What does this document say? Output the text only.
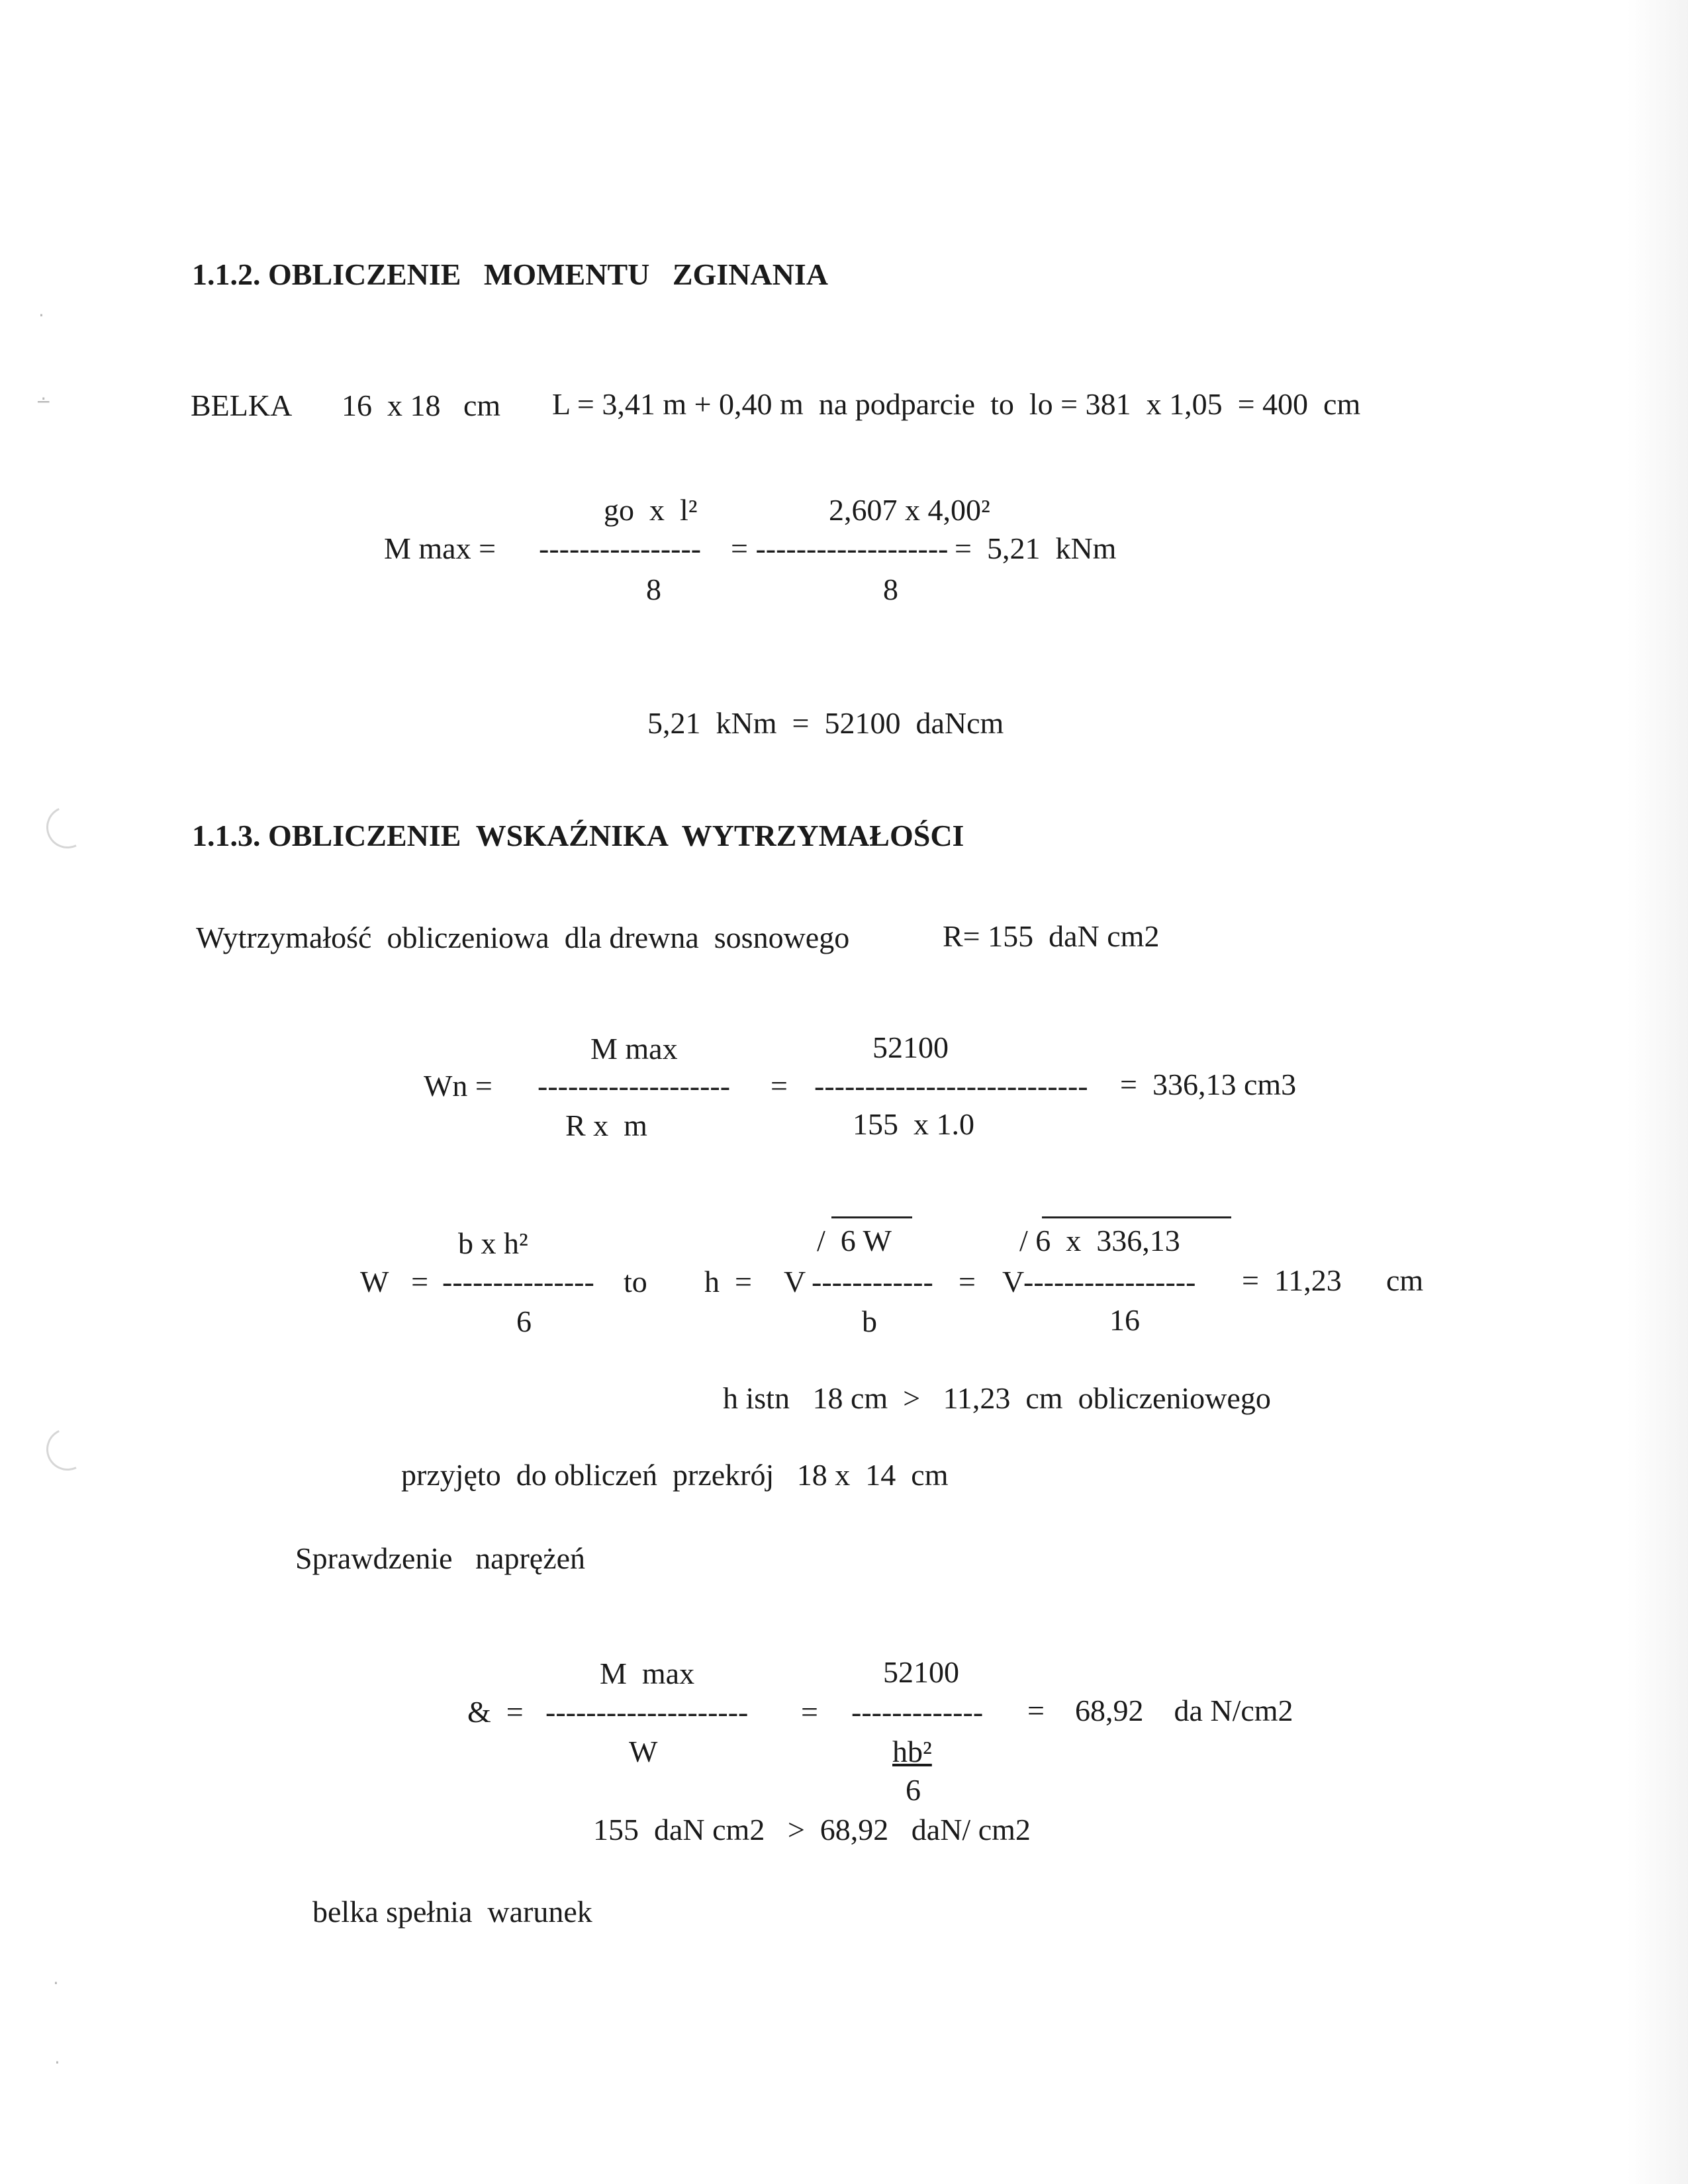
·
∸
·
·
1.1.2. OBLICZENIE   MOMENTU   ZGINANIA
BELKA 16  x 18   cm L = 3,41 m + 0,40 m  na podparcie  to  lo = 381  x 1,05  = 400  cm
go  x  l²	2,607 x 4,00²
M max = ---------------- = ------------------- =  5,21  kNm
8	8
5,21  kNm  =  52100  daNcm
1.1.3. OBLICZENIE  WSKAŹNIKA  WYTRZYMAŁOŚCI
Wytrzymałość  obliczeniowa  dla drewna  sosnowego	R= 155  daN cm2
M max	52100
Wn = ------------------- = --------------------------- =  336,13 cm3
R x  m	155  x 1.0
b x h²	/  6 W	/ 6  x  336,13
W   = --------------- to h  = V ------------ = V
----------------- =  11,23 cm
6	b	16
h istn   18 cm  >   11,23  cm  obliczeniowego
przyjęto  do obliczeń  przekrój   18 x  14  cm
Sprawdzenie   naprężeń
M  max	52100
&  = -------------------- = ------------- =    68,92    da N/cm2
W	hb²
6
155  daN cm2   >  68,92   daN/ cm2
belka spełnia  warunek
